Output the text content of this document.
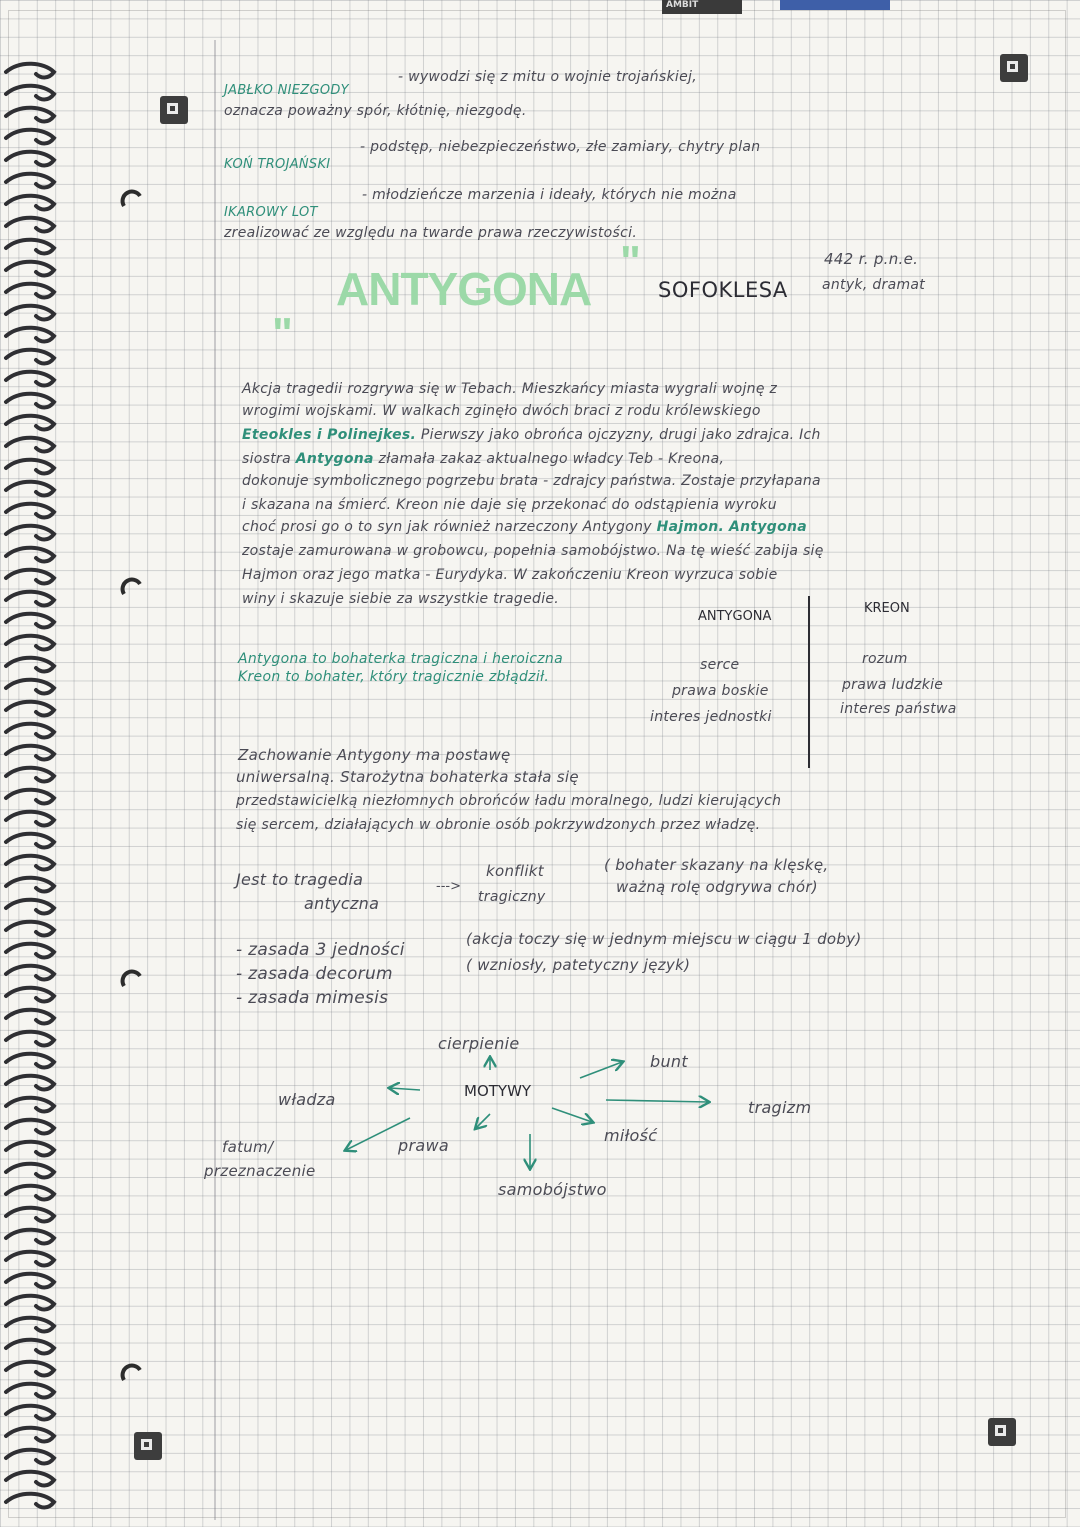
AMBIT
JABŁKO NIEZGODY
- wywodzi się z mitu o wojnie trojańskiej,
oznacza poważny spór, kłótnię, niezgodę.
KOŃ TROJAŃSKI
- podstęp, niebezpieczeństwo, złe zamiary, chytry plan
IKAROWY LOT
- młodzieńcze marzenia i ideały, których nie można
zrealizować ze względu na twarde prawa rzeczywistości.
"
ANTYGONA
"
SOFOKLESA
442 r. p.n.e.
antyk, dramat
Akcja tragedii rozgrywa się w Tebach. Mieszkańcy miasta wygrali wojnę z
wrogimi wojskami. W walkach zginęło dwóch braci z rodu królewskiego
Eteokles i Polinejkes. Pierwszy jako obrońca ojczyzny, drugi jako zdrajca. Ich
siostra Antygona złamała zakaz aktualnego władcy Teb - Kreona,
dokonuje symbolicznego pogrzebu brata - zdrajcy państwa. Zostaje przyłapana
i skazana na śmierć. Kreon nie daje się przekonać do odstąpienia wyroku
choć prosi go o to syn jak również narzeczony Antygony Hajmon. Antygona
zostaje zamurowana w grobowcu, popełnia samobójstwo. Na tę wieść zabija się
Hajmon oraz jego matka - Eurydyka. W zakończeniu Kreon wyrzuca sobie
winy i skazuje siebie za wszystkie tragedie.
Antygona to bohaterka tragiczna i heroiczna
Kreon to bohater, który tragicznie zbłądził.
ANTYGONA
KREON
serce
prawa boskie
interes jednostki
rozum
prawa ludzkie
interes państwa
Zachowanie Antygony ma postawę
uniwersalną. Starożytna bohaterka stała się
przedstawicielką niezłomnych obrońców ładu moralnego, ludzi kierujących
się sercem, działających w obronie osób pokrzywdzonych przez władzę.
Jest to tragedia
antyczna
--->
konflikt
tragiczny
( bohater skazany na klęskę,
ważną rolę odgrywa chór)
- zasada 3 jedności
(akcja toczy się w jednym miejscu w ciągu 1 doby)
- zasada decorum	( wzniosły, patetyczny język)
- zasada mimesis
cierpienie
MOTYWY
władza
fatum/
przeznaczenie
prawa
samobójstwo
miłość
bunt
tragizm
